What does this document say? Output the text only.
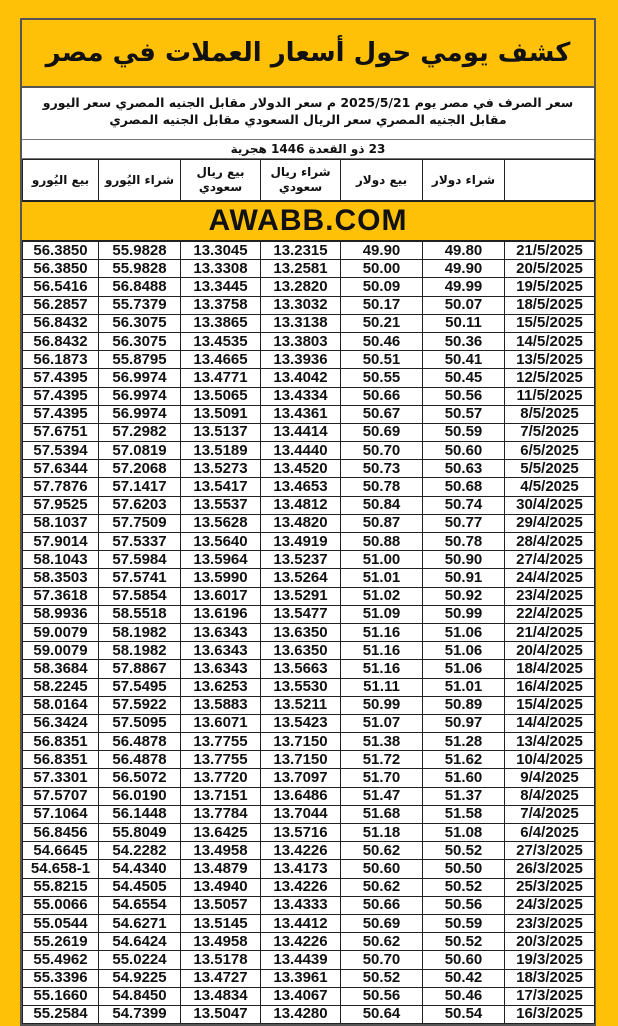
كشف يومي حول أسعار العملات في مصر
سعر الصرف في مصر يوم 2025/5/21 م سعر الدولار مقابل الجنيه المصري سعر اليورو مقابل الجنيه المصري سعر الريال السعودي مقابل الجنيه المصري
23 ذو القعدة 1446 هجرية
بيع اليُورو	شراء اليُورو	بيع ريال سعودي	شراء ريال سعودي	بيع دولار	شراء دولار	
AWABB.COM
56.3850	55.9828	13.3045	13.2315	49.90	49.80	21/5/2025
56.3850	55.9828	13.3308	13.2581	50.00	49.90	20/5/2025
56.5416	56.8488	13.3445	13.2820	50.09	49.99	19/5/2025
56.2857	55.7379	13.3758	13.3032	50.17	50.07	18/5/2025
56.8432	56.3075	13.3865	13.3138	50.21	50.11	15/5/2025
56.8432	56.3075	13.4535	13.3803	50.46	50.36	14/5/2025
56.1873	55.8795	13.4665	13.3936	50.51	50.41	13/5/2025
57.4395	56.9974	13.4771	13.4042	50.55	50.45	12/5/2025
57.4395	56.9974	13.5065	13.4334	50.66	50.56	11/5/2025
57.4395	56.9974	13.5091	13.4361	50.67	50.57	8/5/2025
57.6751	57.2982	13.5137	13.4414	50.69	50.59	7/5/2025
57.5394	57.0819	13.5189	13.4440	50.70	50.60	6/5/2025
57.6344	57.2068	13.5273	13.4520	50.73	50.63	5/5/2025
57.7876	57.1417	13.5417	13.4653	50.78	50.68	4/5/2025
57.9525	57.6203	13.5537	13.4812	50.84	50.74	30/4/2025
58.1037	57.7509	13.5628	13.4820	50.87	50.77	29/4/2025
57.9014	57.5337	13.5640	13.4919	50.88	50.78	28/4/2025
58.1043	57.5984	13.5964	13.5237	51.00	50.90	27/4/2025
58.3503	57.5741	13.5990	13.5264	51.01	50.91	24/4/2025
57.3618	57.5854	13.6017	13.5291	51.02	50.92	23/4/2025
58.9936	58.5518	13.6196	13.5477	51.09	50.99	22/4/2025
59.0079	58.1982	13.6343	13.6350	51.16	51.06	21/4/2025
59.0079	58.1982	13.6343	13.6350	51.16	51.06	20/4/2025
58.3684	57.8867	13.6343	13.5663	51.16	51.06	18/4/2025
58.2245	57.5495	13.6253	13.5530	51.11	51.01	16/4/2025
58.0164	57.5922	13.5883	13.5211	50.99	50.89	15/4/2025
56.3424	57.5095	13.6071	13.5423	51.07	50.97	14/4/2025
56.8351	56.4878	13.7755	13.7150	51.38	51.28	13/4/2025
56.8351	56.4878	13.7755	13.7150	51.72	51.62	10/4/2025
57.3301	56.5072	13.7720	13.7097	51.70	51.60	9/4/2025
57.5707	56.0190	13.7151	13.6486	51.47	51.37	8/4/2025
57.1064	56.1448	13.7784	13.7044	51.68	51.58	7/4/2025
56.8456	55.8049	13.6425	13.5716	51.18	51.08	6/4/2025
54.6645	54.2282	13.4958	13.4226	50.62	50.52	27/3/2025
54.658-1	54.4340	13.4879	13.4173	50.60	50.50	26/3/2025
55.8215	54.4505	13.4940	13.4226	50.62	50.52	25/3/2025
55.0066	54.6554	13.5057	13.4333	50.66	50.56	24/3/2025
55.0544	54.6271	13.5145	13.4412	50.69	50.59	23/3/2025
55.2619	54.6424	13.4958	13.4226	50.62	50.52	20/3/2025
55.4962	55.0224	13.5178	13.4439	50.70	50.60	19/3/2025
55.3396	54.9225	13.4727	13.3961	50.52	50.42	18/3/2025
55.1660	54.8450	13.4834	13.4067	50.56	50.46	17/3/2025
55.2584	54.7399	13.5047	13.4280	50.64	50.54	16/3/2025
